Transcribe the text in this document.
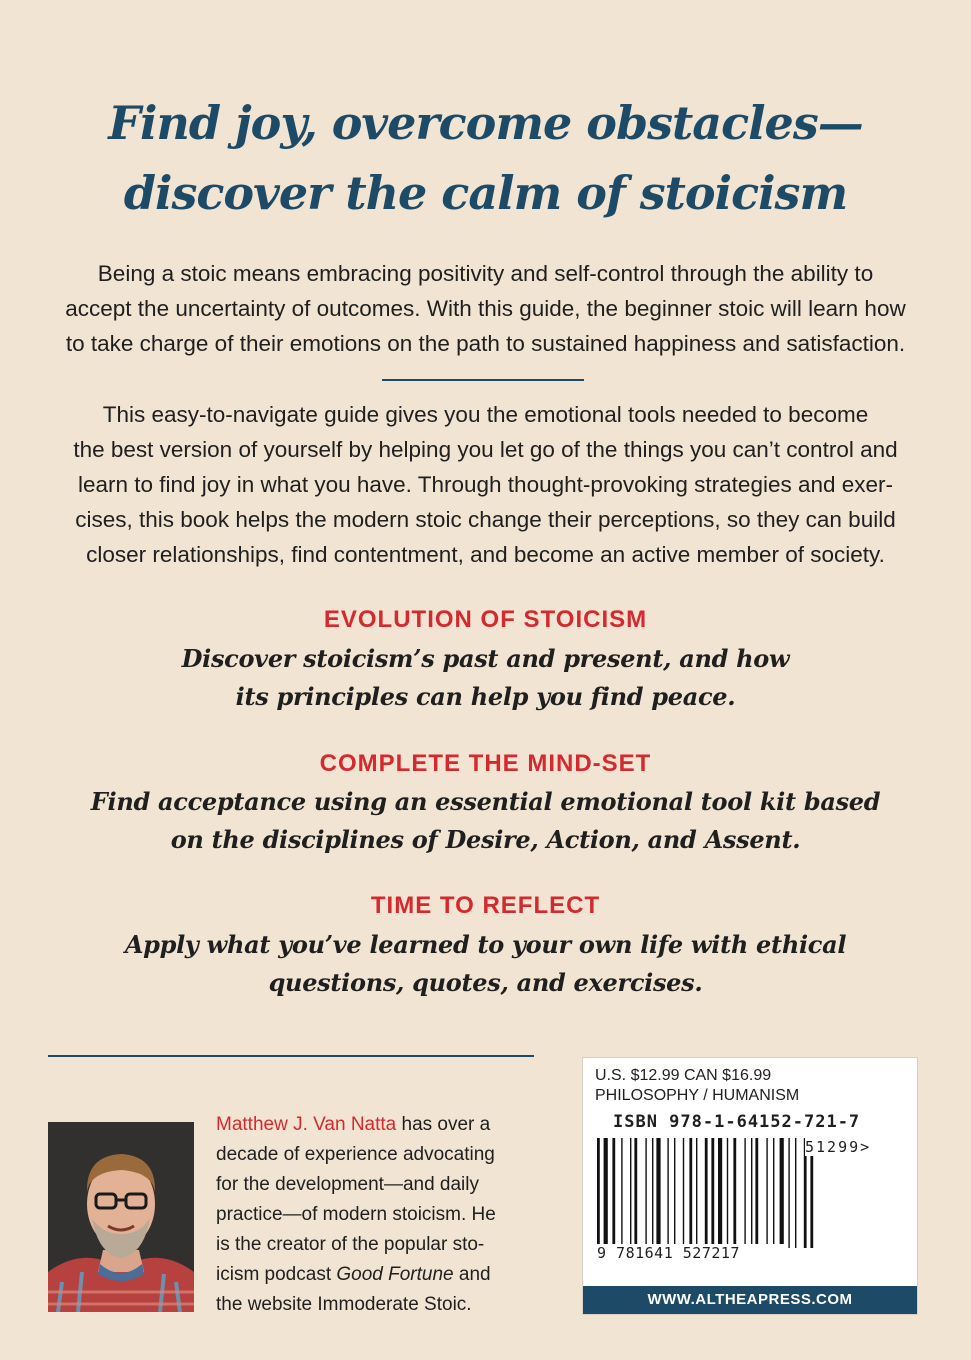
Find joy, overcome obstacles—
discover the calm of stoicism
Being a stoic means embracing positivity and self-control through the ability to
accept the uncertainty of outcomes. With this guide, the beginner stoic will learn how
to take charge of their emotions on the path to sustained happiness and satisfaction.
This easy-to-navigate guide gives you the emotional tools needed to become
the best version of yourself by helping you let go of the things you can’t control and
learn to find joy in what you have. Through thought-provoking strategies and exer-
cises, this book helps the modern stoic change their perceptions, so they can build
closer relationships, find contentment, and become an active member of society.
EVOLUTION OF STOICISM
Discover stoicism’s past and present, and how
its principles can help you find peace.
COMPLETE THE MIND-SET
Find acceptance using an essential emotional tool kit based
on the disciplines of Desire, Action, and Assent.
TIME TO REFLECT
Apply what you’ve learned to your own life with ethical
questions, quotes, and exercises.
Matthew J. Van Natta has over a
decade of experience advocating
for the development—and daily
practice—of modern stoicism. He
is the creator of the popular sto-
icism podcast Good Fortune and
the website Immoderate Stoic.
U.S. $12.99 CAN $16.99
PHILOSOPHY / HUMANISM
ISBN 978-1-64152-721-7
51299>
9 781641 527217
WWW.ALTHEAPRESS.COM
